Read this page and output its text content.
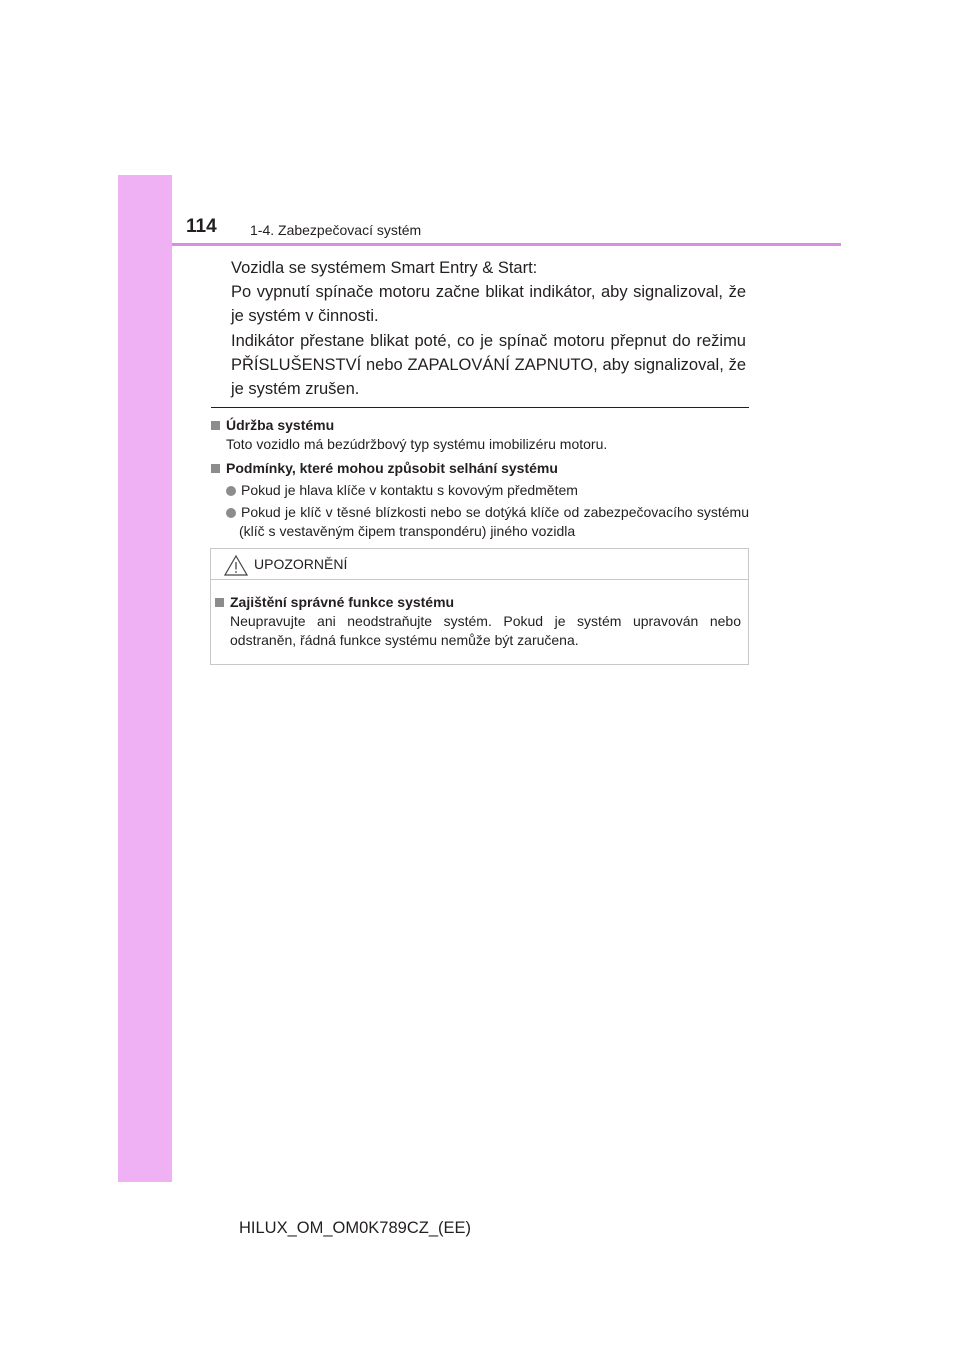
114 1-4. Zabezpečovací systém
Vozidla se systémem Smart Entry & Start:
Po vypnutí spínače motoru začne blikat indikátor, aby signalizoval, že je systém v činnosti.
Indikátor přestane blikat poté, co je spínač motoru přepnut do režimu PŘÍSLUŠENSTVÍ nebo ZAPALOVÁNÍ ZAPNUTO, aby signalizoval, že je systém zrušen.
Údržba systému
Toto vozidlo má bezúdržbový typ systému imobilizéru motoru.
Podmínky, které mohou způsobit selhání systému
Pokud je hlava klíče v kontaktu s kovovým předmětem
Pokud je klíč v těsné blízkosti nebo se dotýká klíče od zabezpečovacího systému (klíč s vestavěným čipem transpondéru) jiného vozidla
UPOZORNĚNÍ
Zajištění správné funkce systému
Neupravujte ani neodstraňujte systém. Pokud je systém upravován nebo odstraněn, řádná funkce systému nemůže být zaručena.
HILUX_OM_OM0K789CZ_(EE)
